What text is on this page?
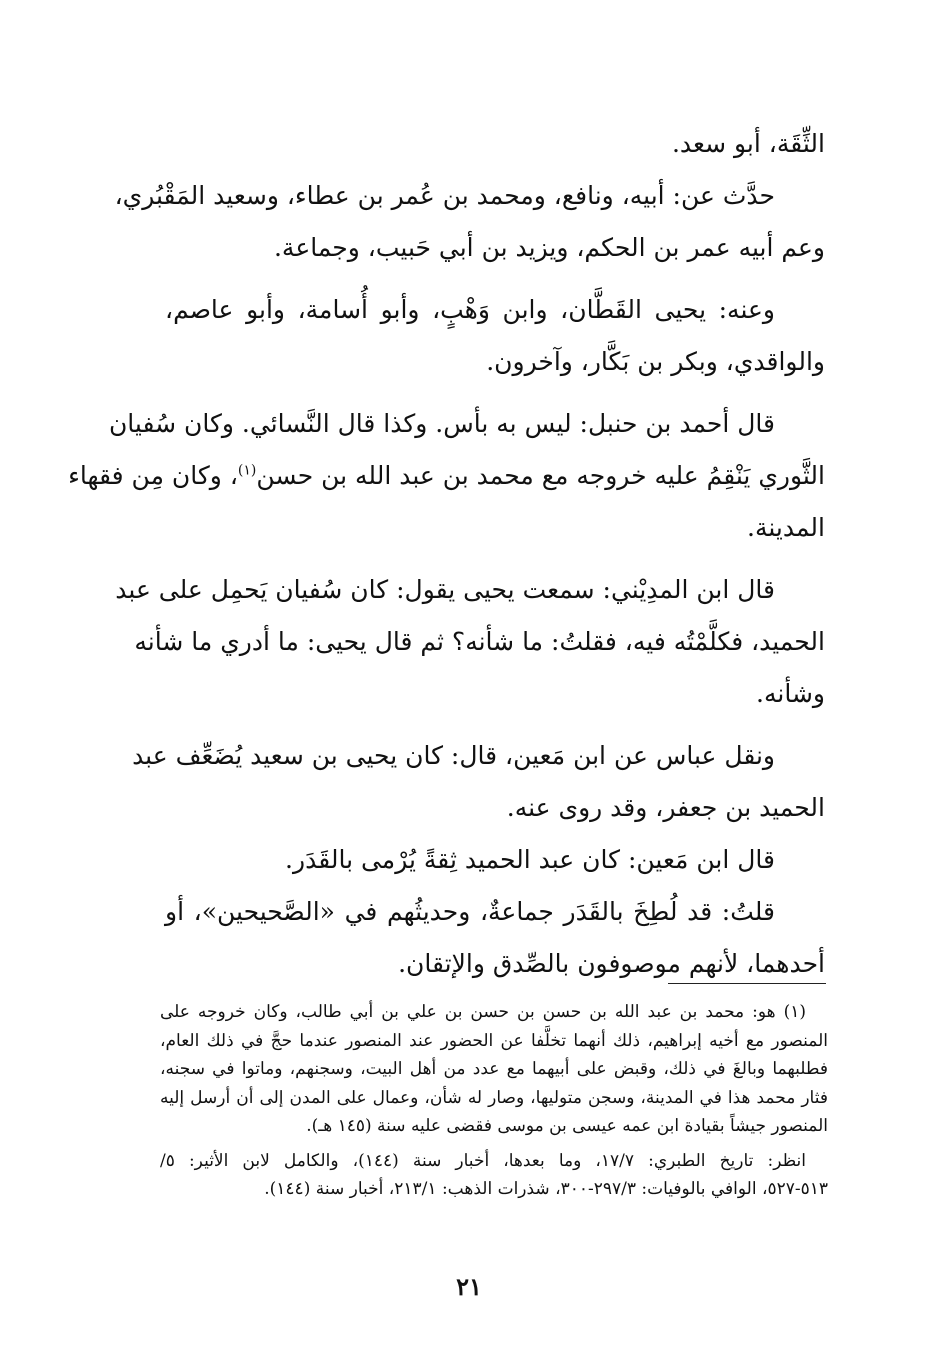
الثِّقَة، أبو سعد.
حدَّث عن: أبيه، ونافع، ومحمد بن عُمر بن عطاء، وسعيد المَقْبُري،
وعم أبيه عمر بن الحكم، ويزيد بن أبي حَبيب، وجماعة.
وعنه: يحيى القَطَّان، وابن وَهْبٍ، وأبو أُسامة، وأبو عاصم،
والواقدي، وبكر بن بَكَّار، وآخرون.
قال أحمد بن حنبل: ليس به بأس. وكذا قال النَّسائي. وكان سُفيان
الثَّوري يَنْقِمُ عليه خروجه مع محمد بن عبد الله بن حسن$^{(١)}$، وكان مِن فقهاء
المدينة.
قال ابن المدِيْني: سمعت يحيى يقول: كان سُفيان يَحمِل على عبد
الحميد، فكلَّمْتُه فيه، فقلتُ: ما شأنه؟ ثم قال يحيى: ما أدري ما شأنه
وشأنه.
ونقل عباس عن ابن مَعين، قال: كان يحيى بن سعيد يُضَعِّف عبد
الحميد بن جعفر، وقد روى عنه.
قال ابن مَعين: كان عبد الحميد ثِقةً يُرْمى بالقَدَر.
قلتُ: قد لُطِخَ بالقَدَر جماعةٌ، وحديثُهم في «الصَّحيحين»، أو
أحدهما، لأنهم موصوفون بالصِّدق والإتقان.
(١) هو: محمد بن عبد الله بن حسن بن حسن بن علي بن أبي طالب، وكان خروجه على
المنصور مع أخيه إبراهيم، ذلك أنهما تخلَّفا عن الحضور عند المنصور عندما حجَّ في ذلك العام،
فطلبهما وبالغَ في ذلك، وقبض على أبيهما مع عدد من أهل البيت، وسجنهم، وماتوا في سجنه،
فثار محمد هذا في المدينة، وسجن متوليها، وصار له شأن، وعمال على المدن إلى أن أرسل إليه
المنصور جيشاً بقيادة ابن عمه عيسى بن موسى فقضى عليه سنة (١٤٥ هـ).
انظر: تاريخ الطبري: ١٧/٧، وما بعدها، أخبار سنة (١٤٤)، والكامل لابن الأثير: ٥/
٥١٣-٥٢٧، الوافي بالوفيات: ٢٩٧/٣-٣٠٠، شذرات الذهب: ٢١٣/١، أخبار سنة (١٤٤).
٢١
